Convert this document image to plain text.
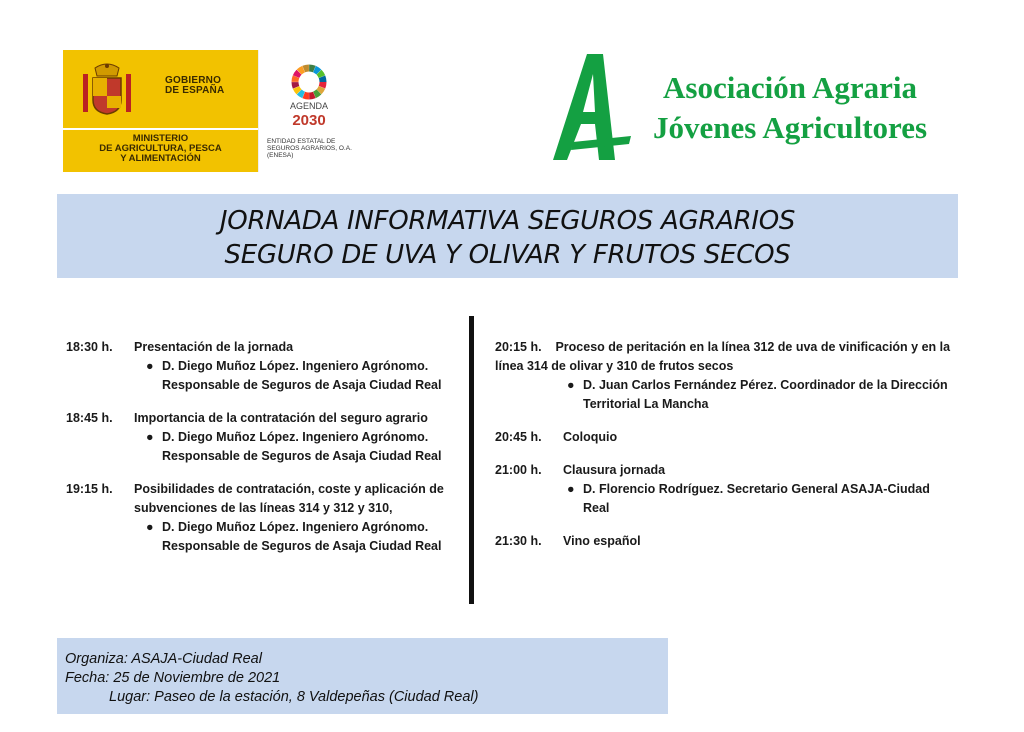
GOBIERNO
DE ESPAÑA
MINISTERIO
DE AGRICULTURA, PESCA
Y ALIMENTACIÓN
AGENDA
2030
ENTIDAD ESTATAL DE
SEGUROS AGRARIOS, O.A.
(ENESA)
Asociación Agraria
Jóvenes Agricultores
JORNADA INFORMATIVA SEGUROS AGRARIOS
SEGURO DE UVA Y OLIVAR Y FRUTOS SECOS
18:30 h.	Presentación de la jornada
● D. Diego Muñoz López. Ingeniero Agrónomo. Responsable de Seguros de Asaja Ciudad Real
18:45 h.	Importancia de la contratación del seguro agrario
● D. Diego Muñoz López. Ingeniero Agrónomo. Responsable de Seguros de Asaja Ciudad Real
19:15 h.	Posibilidades de contratación, coste y aplicación de subvenciones de las líneas 314 y 312 y 310,
● D. Diego Muñoz López. Ingeniero Agrónomo. Responsable de Seguros de Asaja Ciudad Real
20:15 h. Proceso de peritación en la línea 312 de uva de vinificación y en la línea 314 de olivar y 310 de frutos secos
● D. Juan Carlos Fernández Pérez. Coordinador de la Dirección Territorial La Mancha
20:45 h.	Coloquio
21:00 h.	Clausura jornada
● D. Florencio Rodríguez. Secretario General ASAJA-Ciudad Real
21:30 h.	Vino español
Organiza: ASAJA-Ciudad Real
Fecha: 25 de Noviembre de 2021
Lugar: Paseo de la estación, 8 Valdepeñas (Ciudad Real)
